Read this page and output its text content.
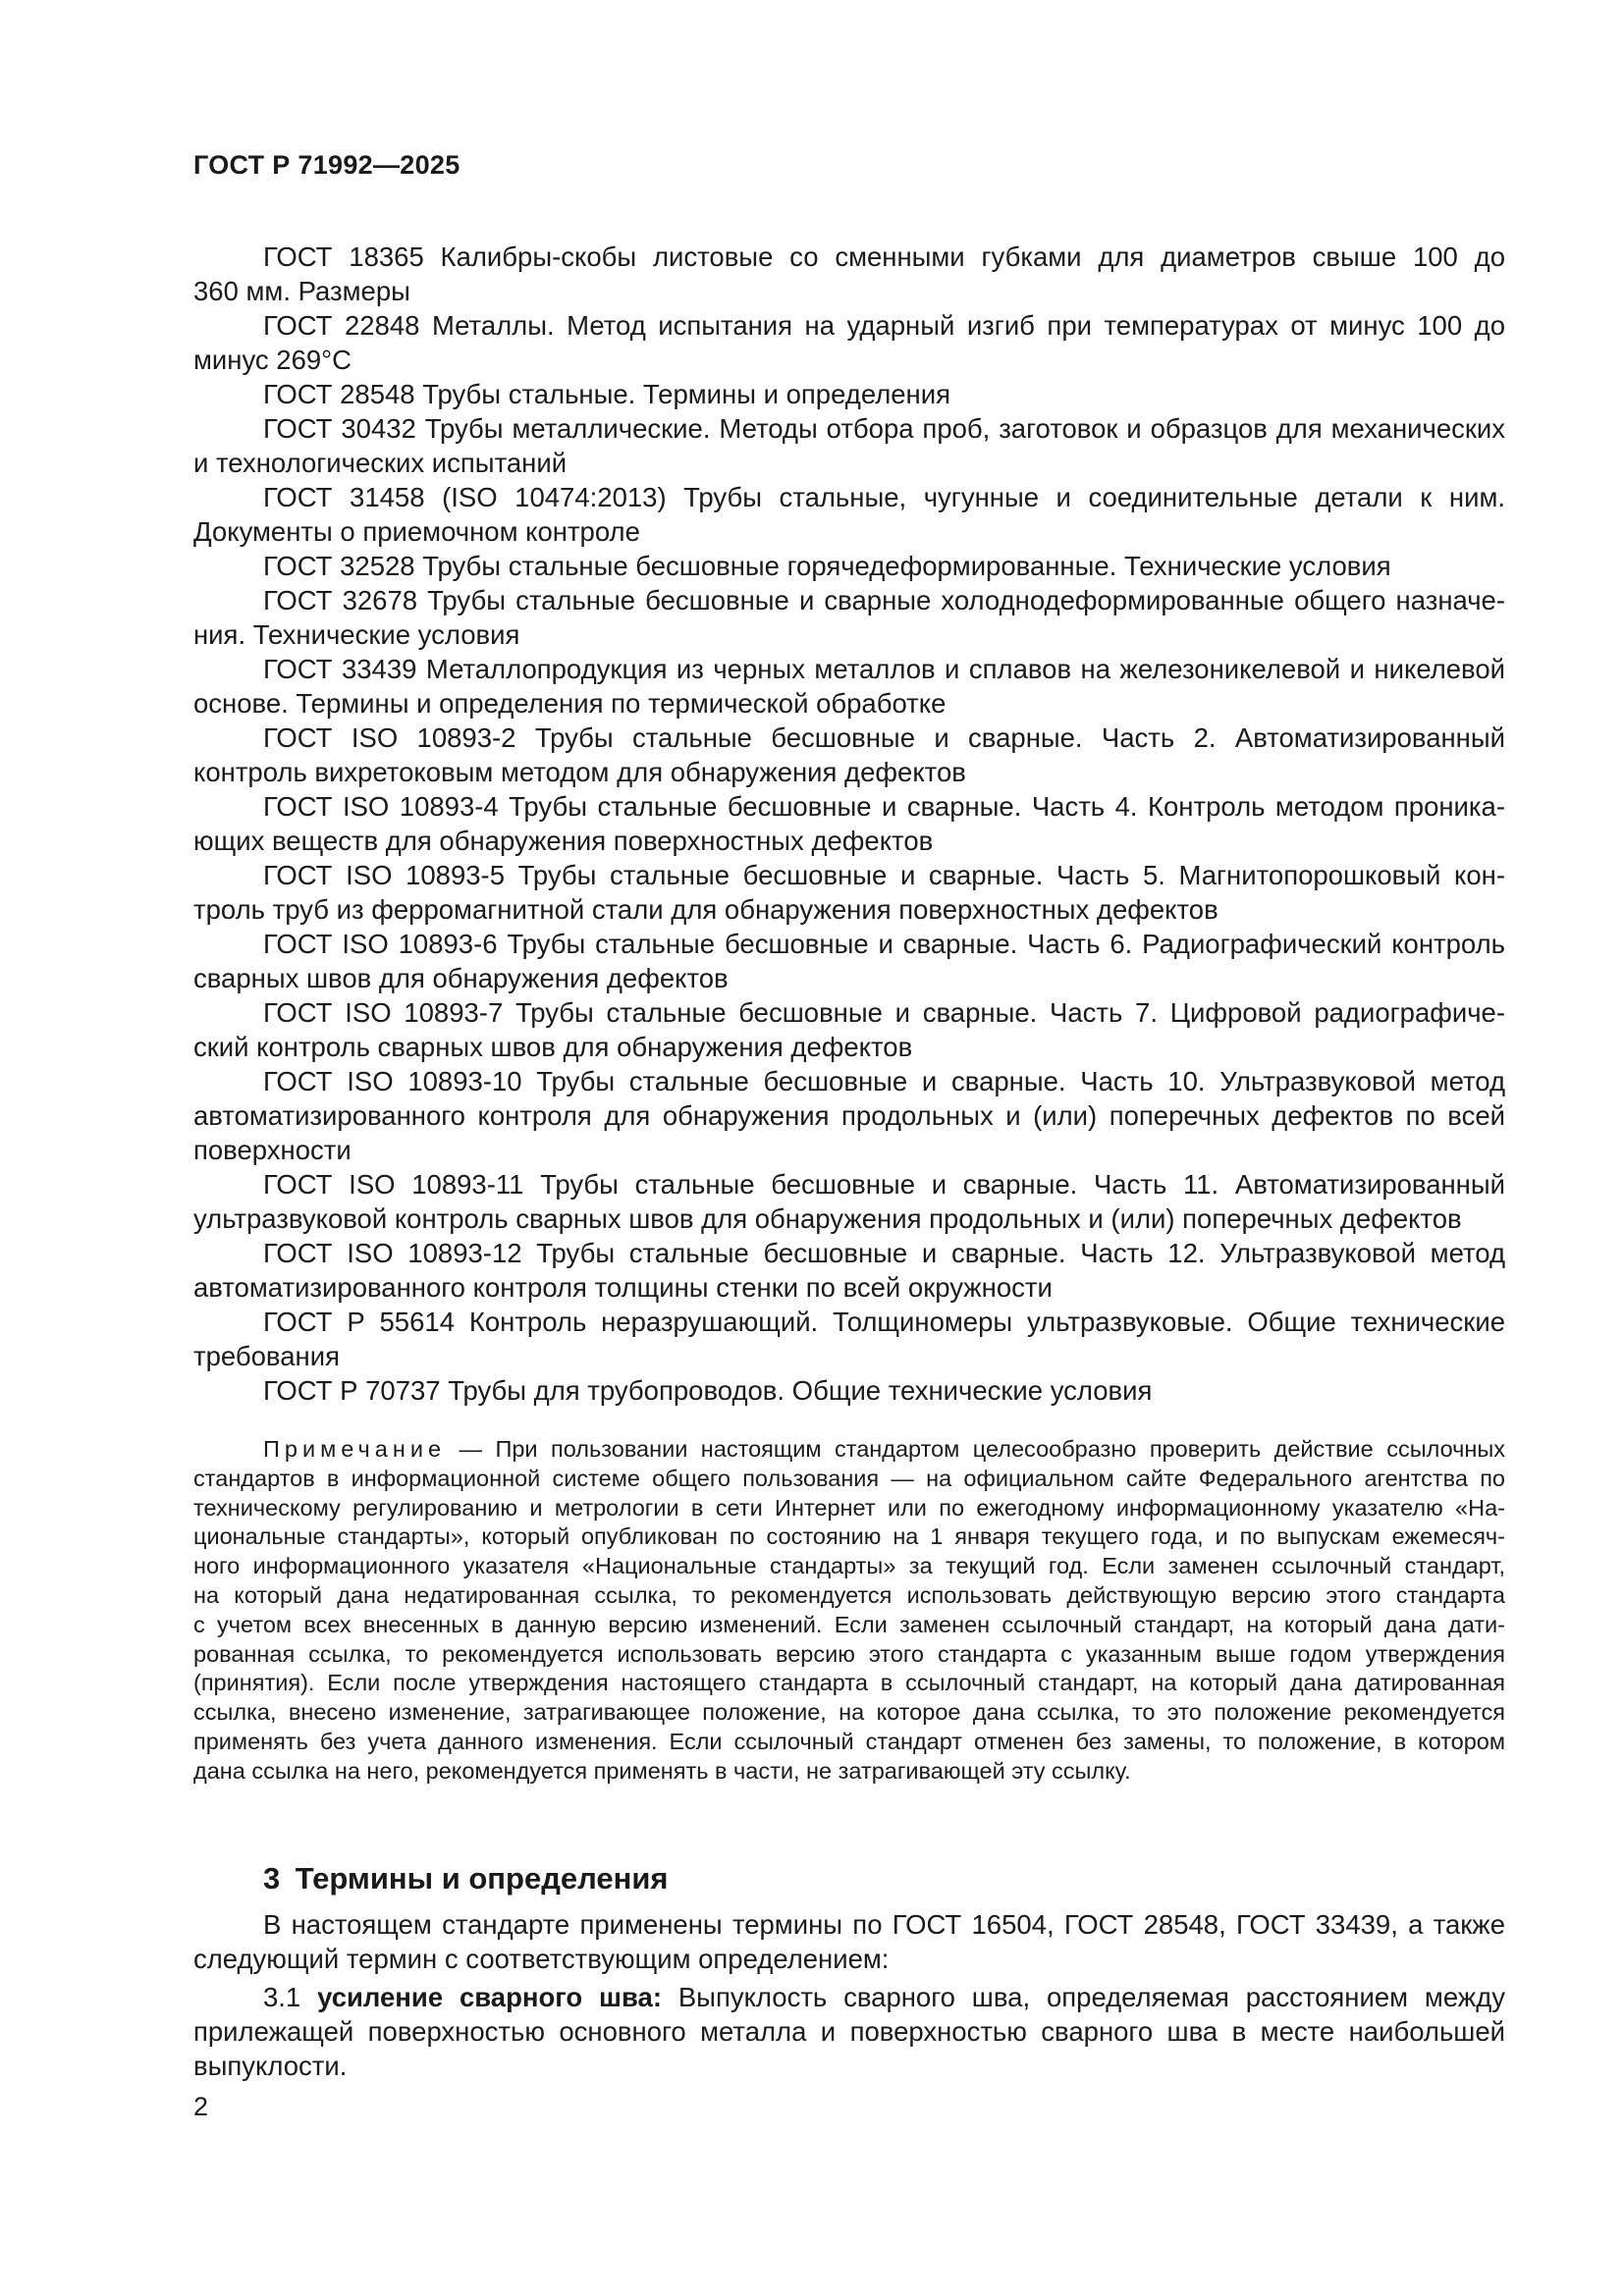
ГОСТ Р 71992—2025
ГОСТ 18365 Калибры-скобы листовые со сменными губками для диаметров свыше 100 до
360 мм. Размеры
ГОСТ 22848 Металлы. Метод испытания на ударный изгиб при температурах от минус 100 до
минус 269°С
ГОСТ 28548 Трубы стальные. Термины и определения
ГОСТ 30432 Трубы металлические. Методы отбора проб, заготовок и образцов для механических
и технологических испытаний
ГОСТ 31458 (ISO 10474:2013) Трубы стальные, чугунные и соединительные детали к ним.
Документы о приемочном контроле
ГОСТ 32528 Трубы стальные бесшовные горячедеформированные. Технические условия
ГОСТ 32678 Трубы стальные бесшовные и сварные холоднодеформированные общего назначе-
ния. Технические условия
ГОСТ 33439 Металлопродукция из черных металлов и сплавов на железоникелевой и никелевой
основе. Термины и определения по термической обработке
ГОСТ ISO 10893-2 Трубы стальные бесшовные и сварные. Часть 2. Автоматизированный
контроль вихретоковым методом для обнаружения дефектов
ГОСТ ISO 10893-4 Трубы стальные бесшовные и сварные. Часть 4. Контроль методом проника-
ющих веществ для обнаружения поверхностных дефектов
ГОСТ ISO 10893-5 Трубы стальные бесшовные и сварные. Часть 5. Магнитопорошковый кон-
троль труб из ферромагнитной стали для обнаружения поверхностных дефектов
ГОСТ ISO 10893-6 Трубы стальные бесшовные и сварные. Часть 6. Радиографический контроль
сварных швов для обнаружения дефектов
ГОСТ ISO 10893-7 Трубы стальные бесшовные и сварные. Часть 7. Цифровой радиографиче-
ский контроль сварных швов для обнаружения дефектов
ГОСТ ISO 10893-10 Трубы стальные бесшовные и сварные. Часть 10. Ультразвуковой метод
автоматизированного контроля для обнаружения продольных и (или) поперечных дефектов по всей
поверхности
ГОСТ ISO 10893-11 Трубы стальные бесшовные и сварные. Часть 11. Автоматизированный
ультразвуковой контроль сварных швов для обнаружения продольных и (или) поперечных дефектов
ГОСТ ISO 10893-12 Трубы стальные бесшовные и сварные. Часть 12. Ультразвуковой метод
автоматизированного контроля толщины стенки по всей окружности
ГОСТ Р 55614 Контроль неразрушающий. Толщиномеры ультразвуковые. Общие технические
требования
ГОСТ Р 70737 Трубы для трубопроводов. Общие технические условия
Примечание — При пользовании настоящим стандартом целесообразно проверить действие ссылочных
стандартов в информационной системе общего пользования — на официальном сайте Федерального агентства по
техническому регулированию и метрологии в сети Интернет или по ежегодному информационному указателю «На-
циональные стандарты», который опубликован по состоянию на 1 января текущего года, и по выпускам ежемесяч-
ного информационного указателя «Национальные стандарты» за текущий год. Если заменен ссылочный стандарт,
на который дана недатированная ссылка, то рекомендуется использовать действующую версию этого стандарта
с учетом всех внесенных в данную версию изменений. Если заменен ссылочный стандарт, на который дана дати-
рованная ссылка, то рекомендуется использовать версию этого стандарта с указанным выше годом утверждения
(принятия). Если после утверждения настоящего стандарта в ссылочный стандарт, на который дана датированная
ссылка, внесено изменение, затрагивающее положение, на которое дана ссылка, то это положение рекомендуется
применять без учета данного изменения. Если ссылочный стандарт отменен без замены, то положение, в котором
дана ссылка на него, рекомендуется применять в части, не затрагивающей эту ссылку.
3 Термины и определения
В настоящем стандарте применены термины по ГОСТ 16504, ГОСТ 28548, ГОСТ 33439, а также
следующий термин с соответствующим определением:
3.1 усиление сварного шва: Выпуклость сварного шва, определяемая расстоянием между
прилежащей поверхностью основного металла и поверхностью сварного шва в месте наибольшей
выпуклости.
2
